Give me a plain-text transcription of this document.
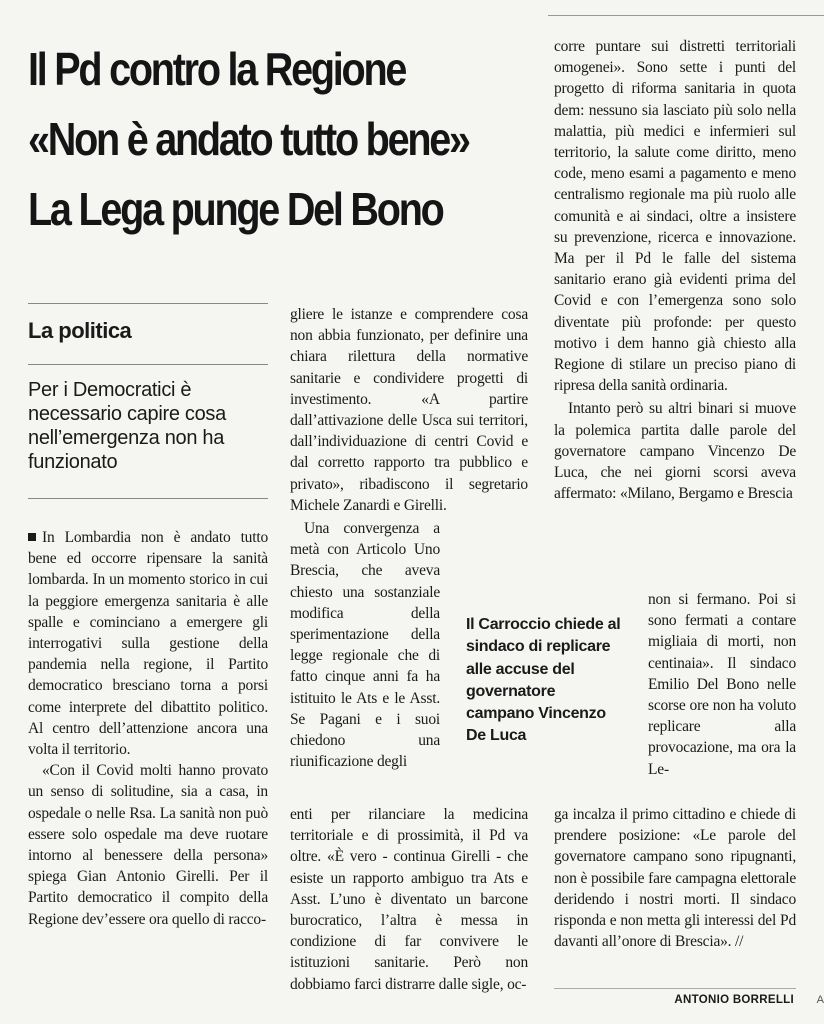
Il Pd contro la Regione
«Non è andato tutto bene»
La Lega punge Del Bono
La politica

Per i Democratici è necessario capire cosa nell’emergenza non ha funzionato

In Lombardia non è andato tutto bene ed occorre ripensare la sanità lombarda. In un momento storico in cui la peggiore emergenza sanitaria è alle spalle e cominciano a emergere gli interrogativi sulla gestione della pandemia nella regione, il Partito democratico bresciano torna a porsi come interprete del dibattito politico. Al centro dell’attenzione ancora una volta il territorio.

«Con il Covid molti hanno provato un senso di solitudine, sia a casa, in ospedale o nelle Rsa. La sanità non può essere solo ospedale ma deve ruotare intorno al benessere della persona» spiega Gian Antonio Girelli. Per il Partito democratico il compito della Regione dev’essere ora quello di racco-

gliere le istanze e comprendere cosa non abbia funzionato, per definire una chiara rilettura della normative sanitarie e condividere progetti di investimento. «A partire dall’attivazione delle Usca sui territori, dall’individuazione di centri Covid e dal corretto rapporto tra pubblico e privato», ribadiscono il segretario Michele Zanardi e Girelli.

Una convergenza a metà con Articolo Uno Brescia, che aveva chiesto una sostanziale modifica della sperimentazione della legge regionale che di fatto cinque anni fa ha istituito le Ats e le Asst. Se Pagani e i suoi chiedono una riunificazione degli

enti per rilanciare la medicina territoriale e di prossimità, il Pd va oltre. «È vero - continua Girelli - che esiste un rapporto ambiguo tra Ats e Asst. L’uno è diventato un barcone burocratico, l’altra è messa in condizione di far convivere le istituzioni sanitarie. Però non dobbiamo farci distrarre dalle sigle, oc-

Il Carroccio chiede al sindaco di replicare alle accuse del governatore campano Vincenzo De Luca

corre puntare sui distretti territoriali omogenei». Sono sette i punti del progetto di riforma sanitaria in quota dem: nessuno sia lasciato più solo nella malattia, più medici e infermieri sul territorio, la salute come diritto, meno code, meno esami a pagamento e meno centralismo regionale ma più ruolo alle comunità e ai sindaci, oltre a insistere su prevenzione, ricerca e innovazione. Ma per il Pd le falle del sistema sanitario erano già evidenti prima del Covid e con l’emergenza sono solo diventate più profonde: per questo motivo i dem hanno già chiesto alla Regione di stilare un preciso piano di ripresa della sanità ordinaria.

Intanto però su altri binari si muove la polemica partita dalle parole del governatore campano Vincenzo De Luca, che nei giorni scorsi aveva affermato: «Milano, Bergamo e Brescia

non si fermano. Poi si sono fermati a contare migliaia di morti, non centinaia». Il sindaco Emilio Del Bono nelle scorse ore non ha voluto replicare alla provocazione, ma ora la Le-

ga incalza il primo cittadino e chiede di prendere posizione: «Le parole del governatore campano sono ripugnanti, non è possibile fare campagna elettorale deridendo i nostri morti. Il sindaco risponda e non metta gli interessi del Pd davanti all’onore di Brescia». //

ANTONIO BORRELLI A
